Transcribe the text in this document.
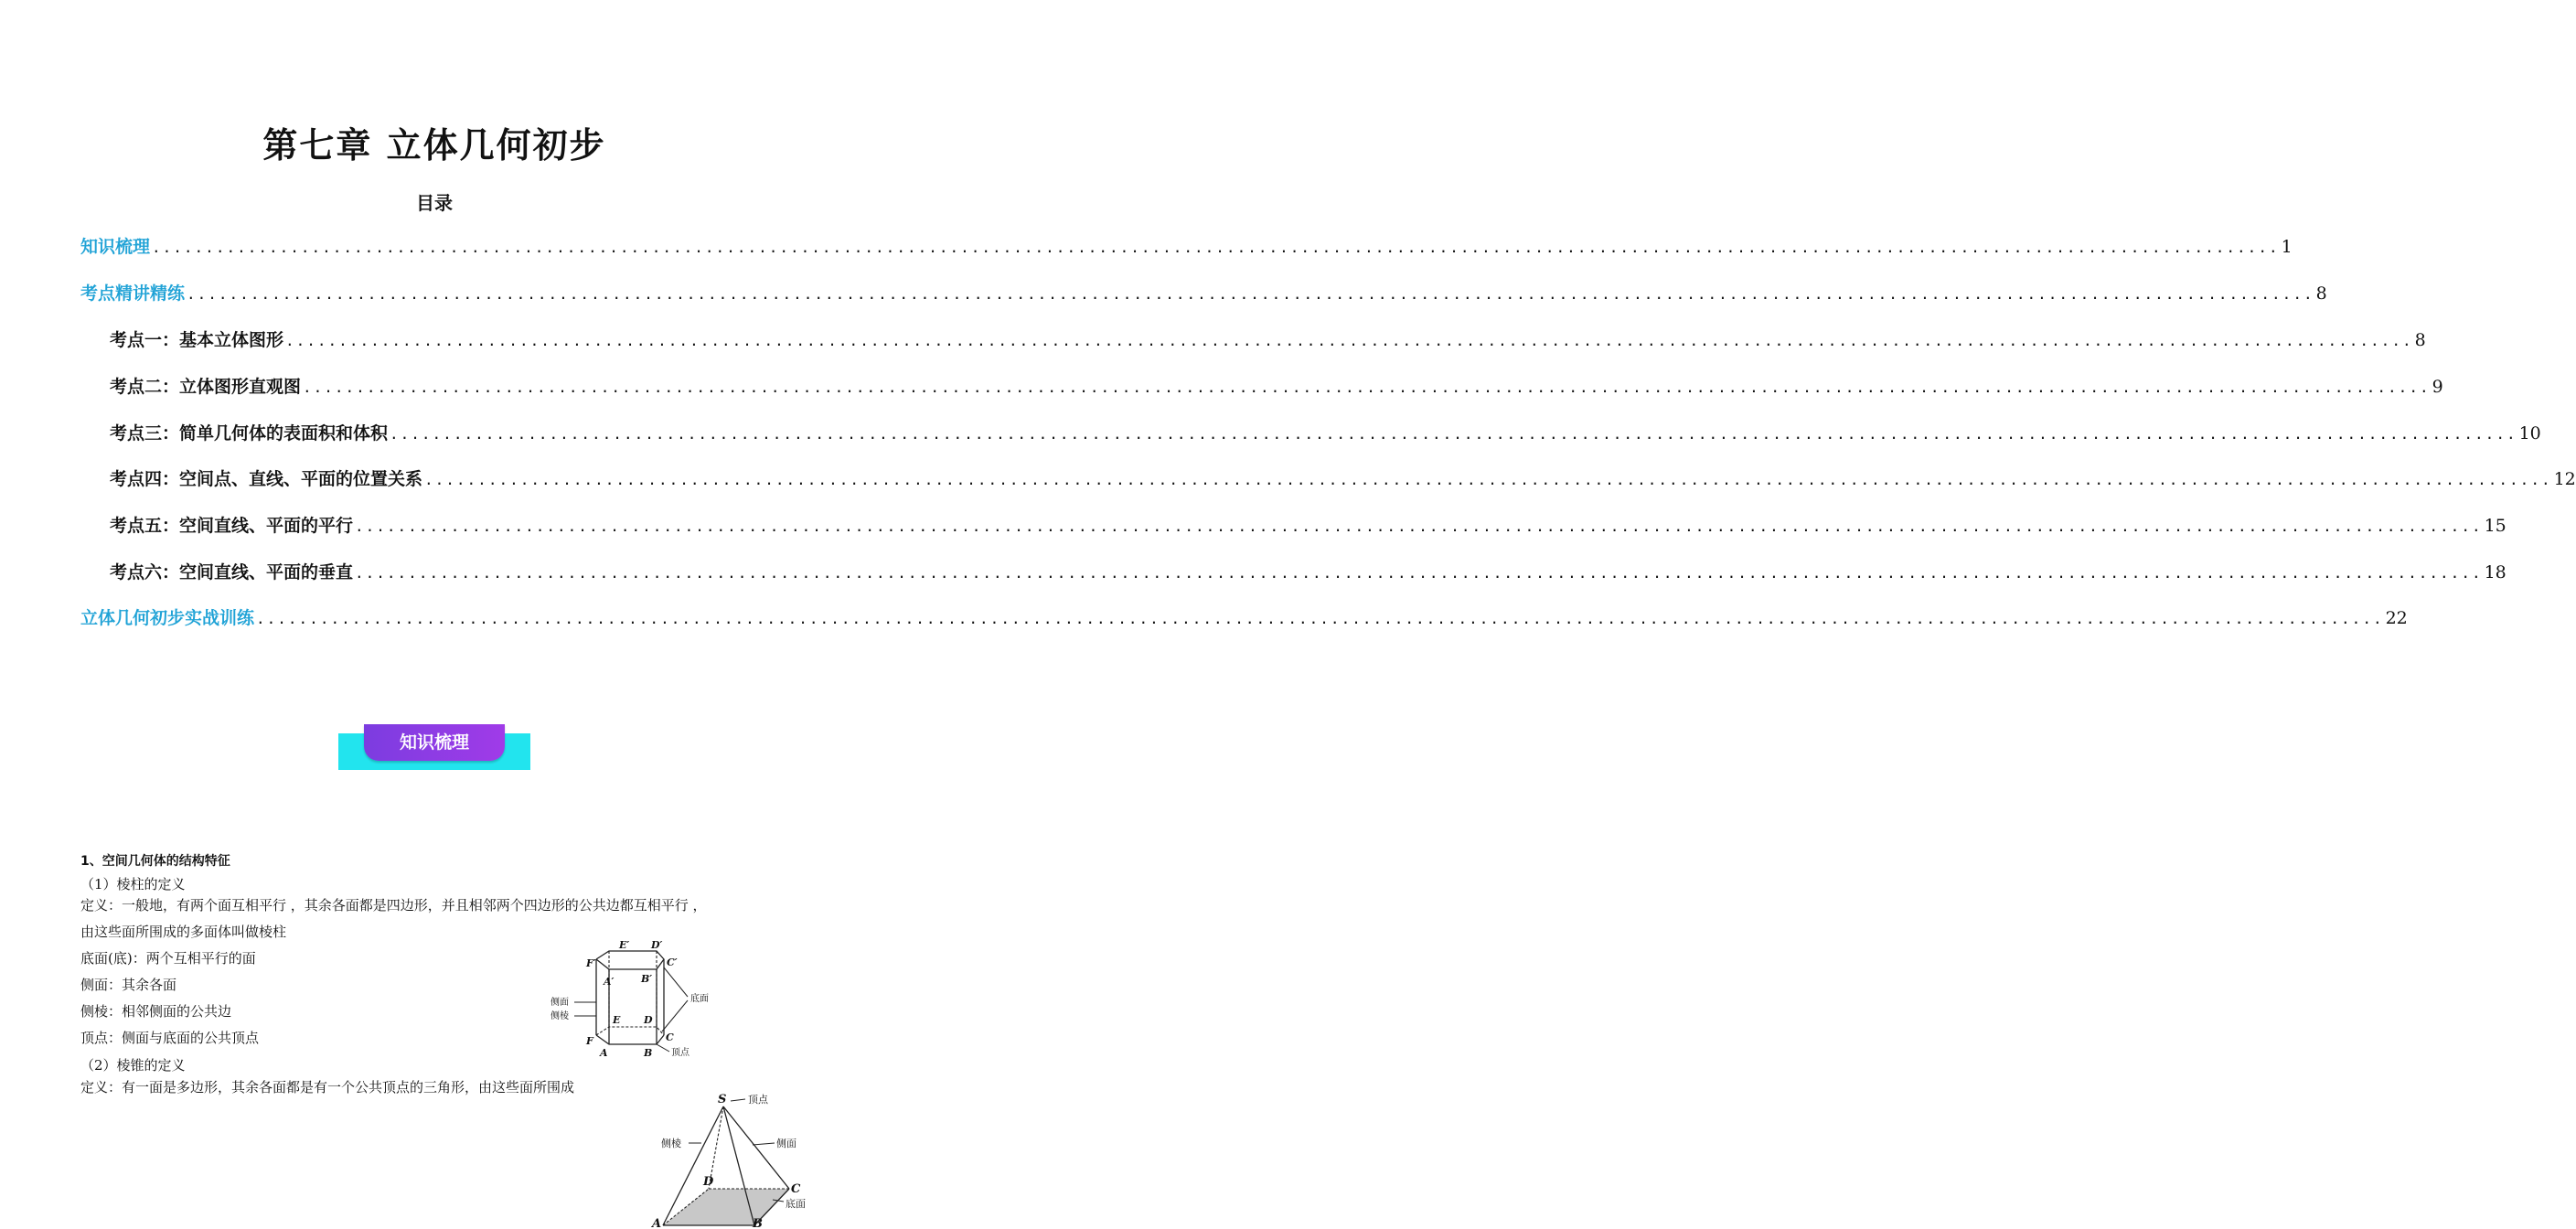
第七章 立体几何初步
目录
知识梳理 ........................................................................................................................................................................................................ 1
考点精讲精练 ........................................................................................................................................................................................................ 8
考点一：基本立体图形 ........................................................................................................................................................................................................ 8
考点二：立体图形直观图 ........................................................................................................................................................................................................ 9
考点三：简单几何体的表面积和体积 ........................................................................................................................................................................................................ 10
考点四：空间点、直线、平面的位置关系 ........................................................................................................................................................................................................ 12
考点五：空间直线、平面的平行 ........................................................................................................................................................................................................ 15
考点六：空间直线、平面的垂直 ........................................................................................................................................................................................................ 18
立体几何初步实战训练 ........................................................................................................................................................................................................ 22
知识梳理
1、空间几何体的结构特征
（1）棱柱的定义
定义：一般地，有两个面互相平行 ，其余各面都是四边形，并且相邻两个四边形的公共边都互相平行 ，
由这些面所围成的多面体叫做棱柱
底面(底)：两个互相平行的面
侧面：其余各面
侧棱：相邻侧面的公共边
顶点：侧面与底面的公共顶点
（2）棱锥的定义
定义：有一面是多边形，其余各面都是有一个公共顶点的三角形，由这些面所围成
E′ D′
F′	C′
A′	B′
E D
F	C
A	B
侧面
侧棱
底面
顶点
S
D
C
A	B
顶点
侧棱	侧面
底面
